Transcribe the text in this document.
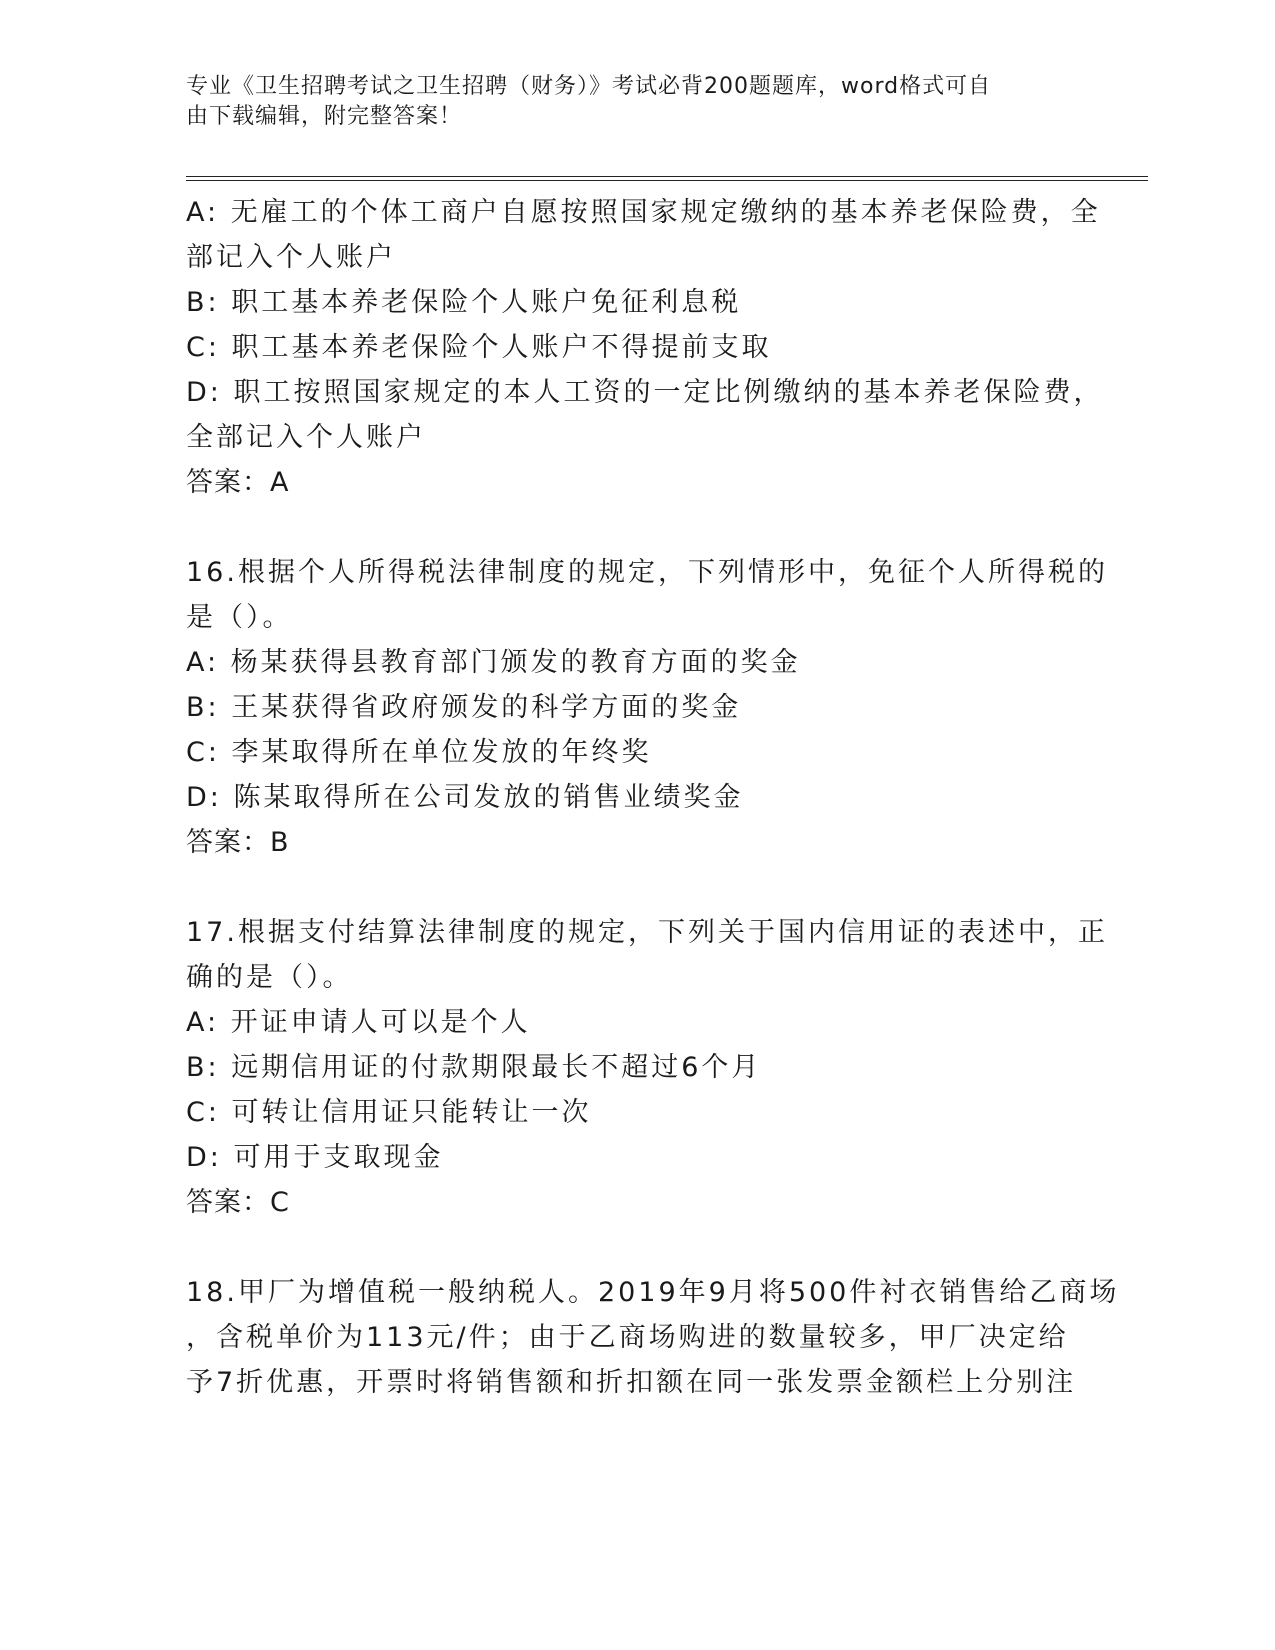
专业《卫生招聘考试之卫生招聘（财务）》考试必背200题题库，word格式可自
由下载编辑，附完整答案！
A: 无雇工的个体工商户自愿按照国家规定缴纳的基本养老保险费，全
部记入个人账户
B: 职工基本养老保险个人账户免征利息税
C: 职工基本养老保险个人账户不得提前支取
D: 职工按照国家规定的本人工资的一定比例缴纳的基本养老保险费，
全部记入个人账户
答案：A
16.根据个人所得税法律制度的规定，下列情形中，免征个人所得税的
是（）。
A: 杨某获得县教育部门颁发的教育方面的奖金
B: 王某获得省政府颁发的科学方面的奖金
C: 李某取得所在单位发放的年终奖
D: 陈某取得所在公司发放的销售业绩奖金
答案：B
17.根据支付结算法律制度的规定，下列关于国内信用证的表述中，正
确的是（）。
A: 开证申请人可以是个人
B: 远期信用证的付款期限最长不超过6个月
C: 可转让信用证只能转让一次
D: 可用于支取现金
答案：C
18.甲厂为增值税一般纳税人。2019年9月将500件衬衣销售给乙商场
，含税单价为113元/件；由于乙商场购进的数量较多，甲厂决定给
予7折优惠，开票时将销售额和折扣额在同一张发票金额栏上分别注
